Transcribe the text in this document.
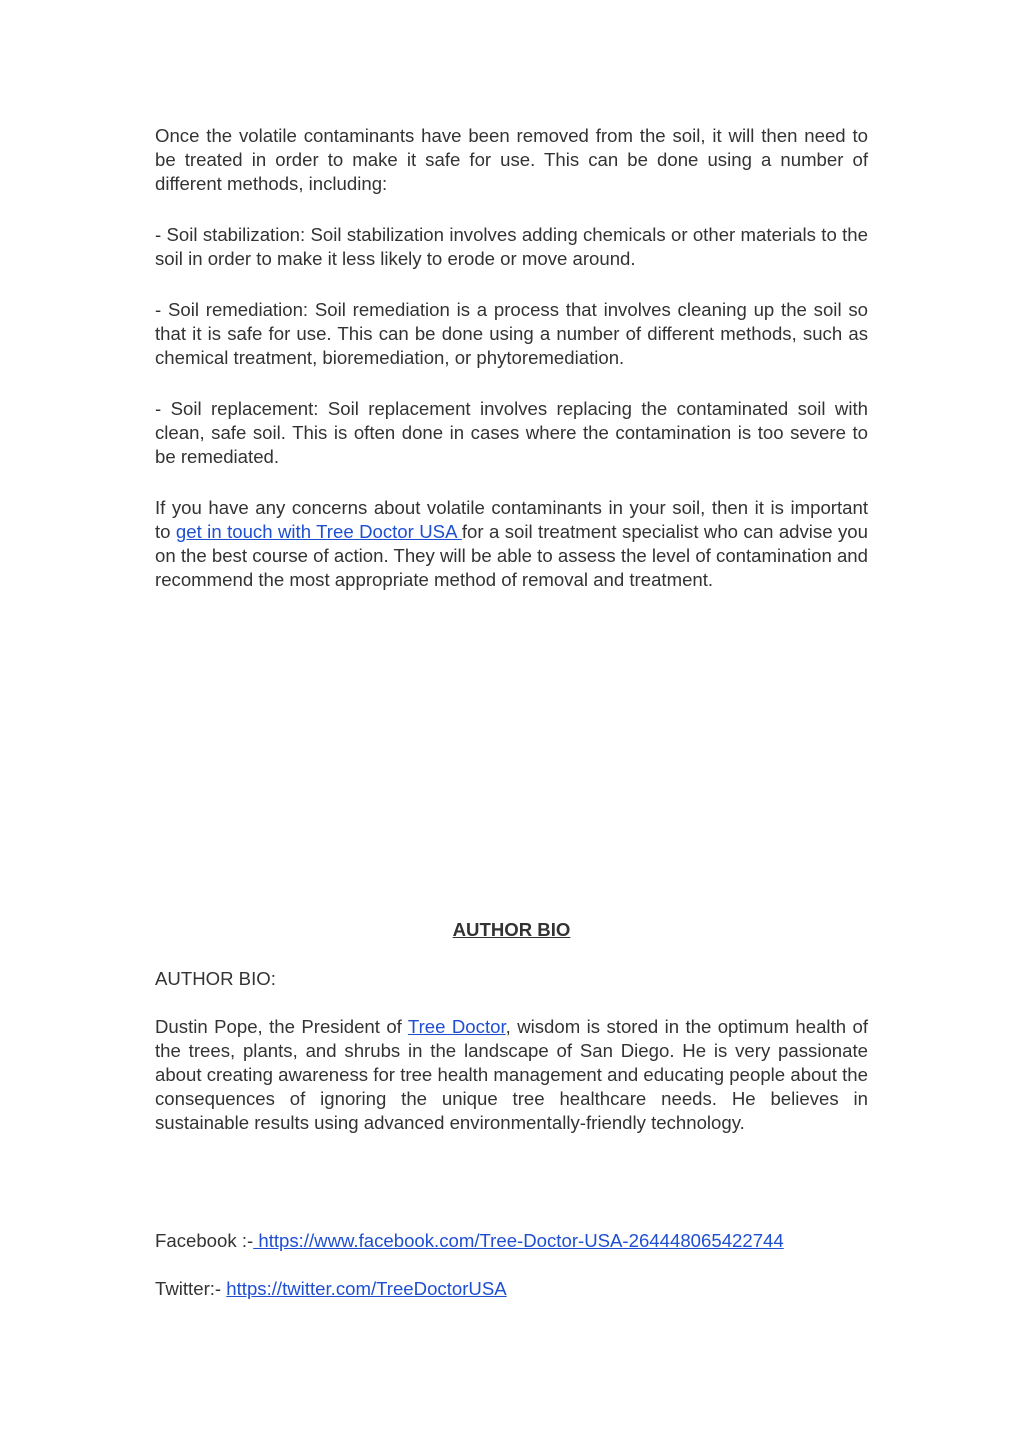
Once the volatile contaminants have been removed from the soil, it will then need to be treated in order to make it safe for use. This can be done using a number of different methods, including:

- Soil stabilization: Soil stabilization involves adding chemicals or other materials to the soil in order to make it less likely to erode or move around.

- Soil remediation: Soil remediation is a process that involves cleaning up the soil so that it is safe for use. This can be done using a number of different methods, such as chemical treatment, bioremediation, or phytoremediation.

- Soil replacement: Soil replacement involves replacing the contaminated soil with clean, safe soil. This is often done in cases where the contamination is too severe to be remediated.

If you have any concerns about volatile contaminants in your soil, then it is important to get in touch with Tree Doctor USA for a soil treatment specialist who can advise you on the best course of action. They will be able to assess the level of contamination and recommend the most appropriate method of removal and treatment.

AUTHOR BIO

AUTHOR BIO:

Dustin Pope, the President of Tree Doctor, wisdom is stored in the optimum health of the trees, plants, and shrubs in the landscape of San Diego. He is very passionate about creating awareness for tree health management and educating people about the consequences of ignoring the unique tree healthcare needs. He believes in sustainable results using advanced environmentally-friendly technology.

Facebook :- https://www.facebook.com/Tree-Doctor-USA-264448065422744
Twitter:- https://twitter.com/TreeDoctorUSA
